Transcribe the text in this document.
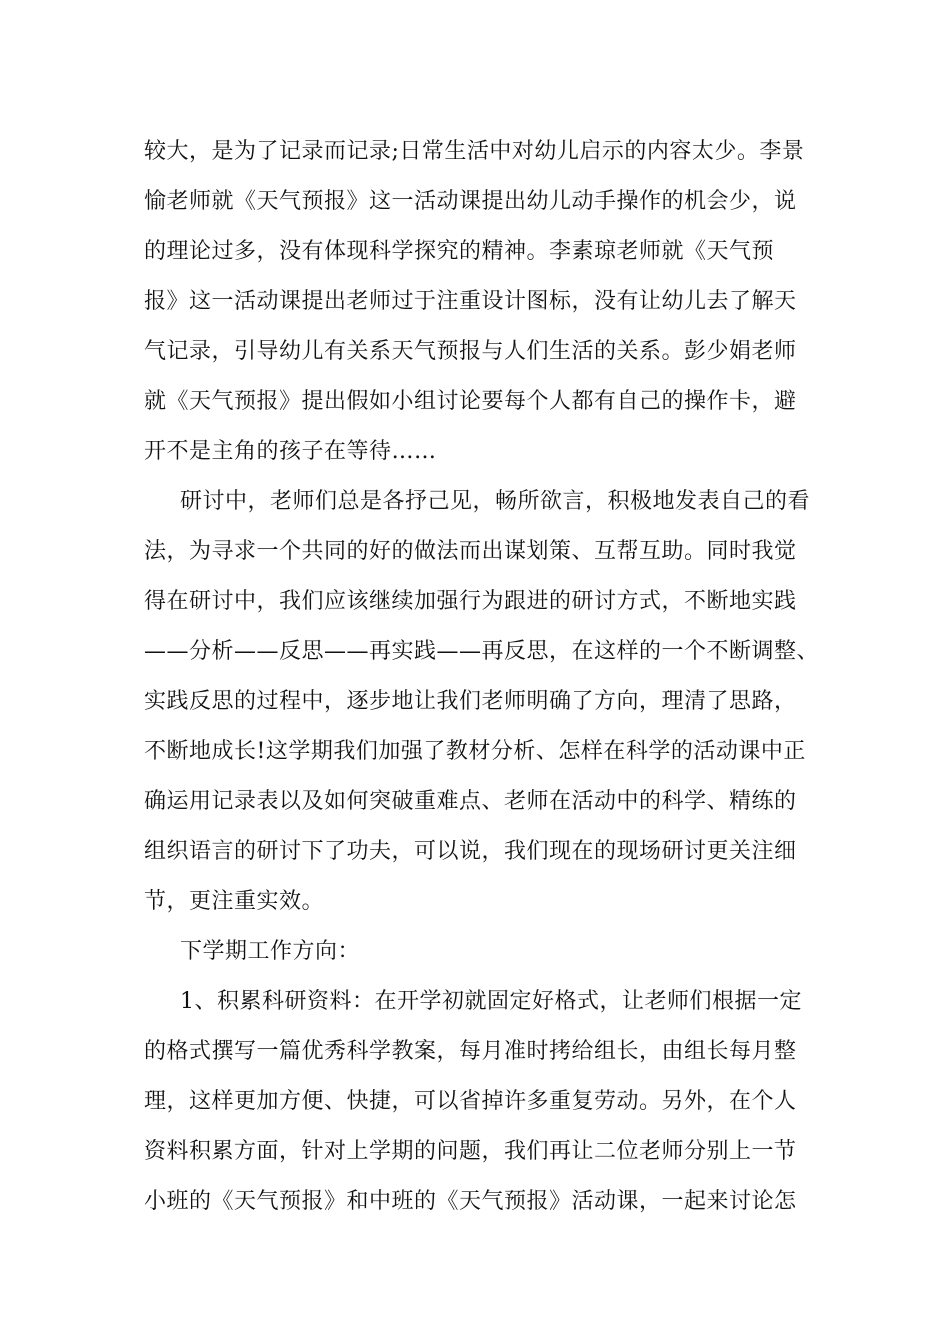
较大，是为了记录而记录;日常生活中对幼儿启示的内容太少。李景
愉老师就《天气预报》这一活动课提出幼儿动手操作的机会少，说
的理论过多，没有体现科学探究的精神。李素琼老师就《天气预
报》这一活动课提出老师过于注重设计图标，没有让幼儿去了解天
气记录，引导幼儿有关系天气预报与人们生活的关系。彭少娟老师
就《天气预报》提出假如小组讨论要每个人都有自己的操作卡，避
开不是主角的孩子在等待……
研讨中，老师们总是各抒己见，畅所欲言，积极地发表自己的看
法，为寻求一个共同的好的做法而出谋划策、互帮互助。同时我觉
得在研讨中，我们应该继续加强行为跟进的研讨方式，不断地实践
——分析——反思——再实践——再反思，在这样的一个不断调整、
实践反思的过程中，逐步地让我们老师明确了方向，理清了思路，
不断地成长!这学期我们加强了教材分析、怎样在科学的活动课中正
确运用记录表以及如何突破重难点、老师在活动中的科学、精练的
组织语言的研讨下了功夫，可以说，我们现在的现场研讨更关注细
节，更注重实效。
下学期工作方向：
1、积累科研资料：在开学初就固定好格式，让老师们根据一定
的格式撰写一篇优秀科学教案，每月准时拷给组长，由组长每月整
理，这样更加方便、快捷，可以省掉许多重复劳动。另外，在个人
资料积累方面，针对上学期的问题，我们再让二位老师分别上一节
小班的《天气预报》和中班的《天气预报》活动课，一起来讨论怎
